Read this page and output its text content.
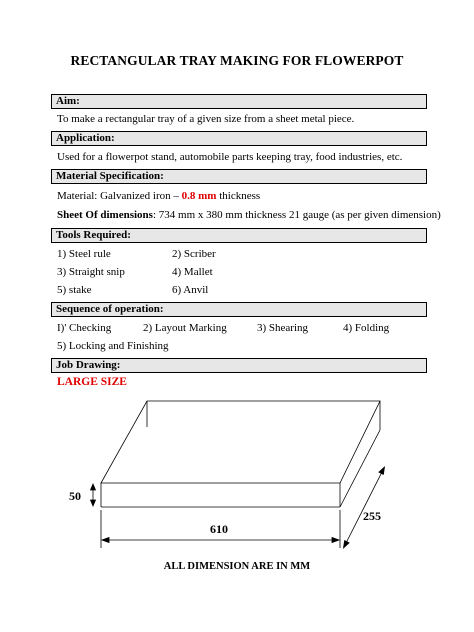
RECTANGULAR TRAY MAKING FOR FLOWERPOT
Aim:
To make a rectangular tray of a given size from a sheet metal piece.
Application:
Used for a flowerpot stand, automobile parts keeping tray, food industries, etc.
Material Specification:
Material: Galvanized iron – 0.8 mm thickness
Sheet Of dimensions: 734 mm x 380 mm thickness 21 gauge (as per given dimension)
Tools Required:
1) Steel rule	2) Scriber
3) Straight snip	4) Mallet
5) stake	6) Anvil
Sequence of operation:
I)' Checking	2) Layout Marking	3) Shearing	4) Folding
5) Locking and Finishing
Job Drawing:
LARGE SIZE
50
610
255
ALL DIMENSION ARE IN MM
